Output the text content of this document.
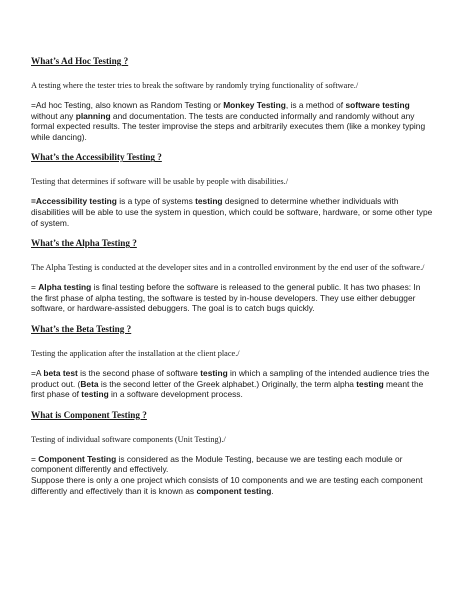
What’s Ad Hoc Testing ?

A testing where the tester tries to break the software by randomly trying functionality of software./

=Ad hoc Testing, also known as Random Testing or Monkey Testing, is a method of software testing without any planning and documentation. The tests are conducted informally and randomly without any formal expected results. The tester improvise the steps and arbitrarily executes them (like a monkey typing while dancing).

What’s the Accessibility Testing ?

Testing that determines if software will be usable by people with disabilities./

=Accessibility testing is a type of systems testing designed to determine whether individuals with disabilities will be able to use the system in question, which could be software, hardware, or some other type of system.

What’s the Alpha Testing ?

The Alpha Testing is conducted at the developer sites and in a controlled environment by the end user of the software./

= Alpha testing is final testing before the software is released to the general public. It has two phases: In the first phase of alpha testing, the software is tested by in-house developers. They use either debugger software, or hardware-assisted debuggers. The goal is to catch bugs quickly.

What’s the Beta Testing ?

Testing the application after the installation at the client place./

=A beta test is the second phase of software testing in which a sampling of the intended audience tries the product out. (Beta is the second letter of the Greek alphabet.) Originally, the term alpha testing meant the first phase of testing in a software development process.

What is Component Testing ?

Testing of individual software components (Unit Testing)./

= Component Testing is considered as the Module Testing, because we are testing each module or component differently and effectively.
Suppose there is only a one project which consists of 10 components and we are testing each component differently and effectively than it is known as component testing.
